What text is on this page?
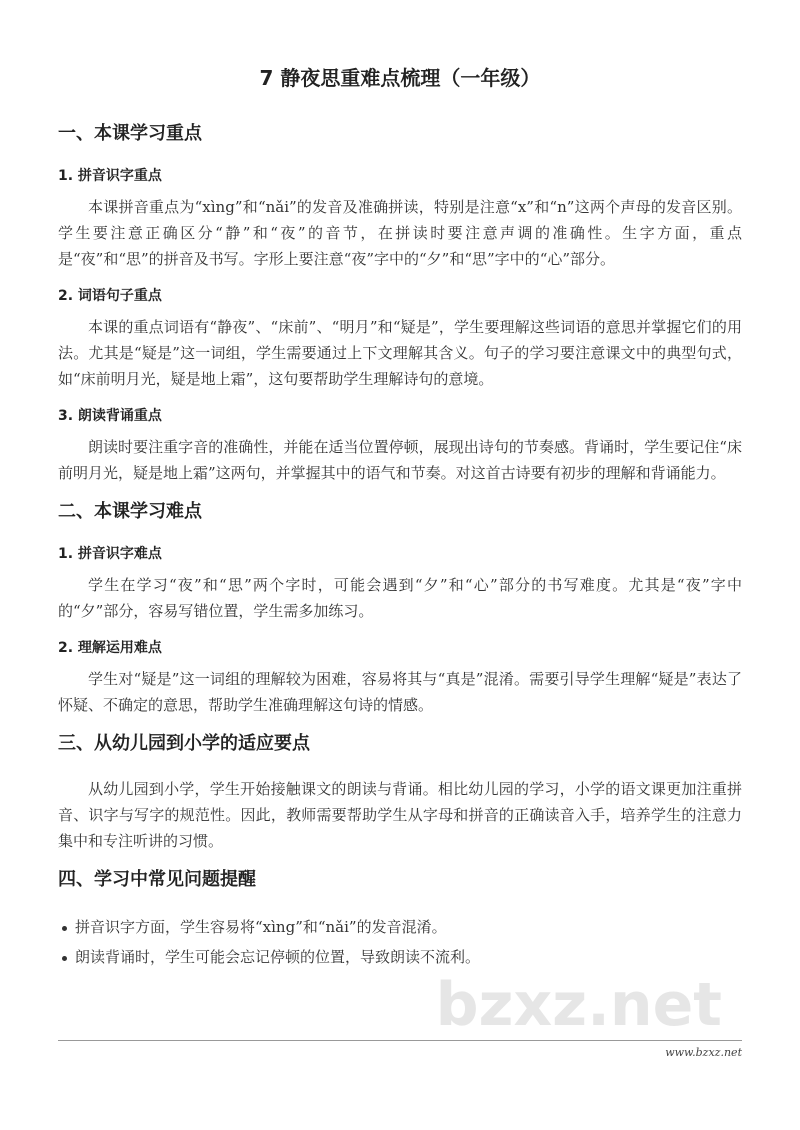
7 静夜思重难点梳理（一年级）
一、本课学习重点
1. 拼音识字重点
本课拼音重点为“xìng”和“nǎi”的发音及准确拼读，特别是注意“x”和“n”这两个声母的发音区别。学生要注意正确区分“静”和“夜”的音节，在拼读时要注意声调的准确性。生字方面，重点是“夜”和“思”的拼音及书写。字形上要注意“夜”字中的“夕”和“思”字中的“心”部分。
2. 词语句子重点
本课的重点词语有“静夜”、“床前”、“明月”和“疑是”，学生要理解这些词语的意思并掌握它们的用法。尤其是“疑是”这一词组，学生需要通过上下文理解其含义。句子的学习要注意课文中的典型句式，如“床前明月光，疑是地上霜”，这句要帮助学生理解诗句的意境。
3. 朗读背诵重点
朗读时要注重字音的准确性，并能在适当位置停顿，展现出诗句的节奏感。背诵时，学生要记住“床前明月光，疑是地上霜”这两句，并掌握其中的语气和节奏。对这首古诗要有初步的理解和背诵能力。
二、本课学习难点
1. 拼音识字难点
学生在学习“夜”和“思”两个字时，可能会遇到“夕”和“心”部分的书写难度。尤其是“夜”字中的“夕”部分，容易写错位置，学生需多加练习。
2. 理解运用难点
学生对“疑是”这一词组的理解较为困难，容易将其与“真是”混淆。需要引导学生理解“疑是”表达了怀疑、不确定的意思，帮助学生准确理解这句诗的情感。
三、从幼儿园到小学的适应要点
从幼儿园到小学，学生开始接触课文的朗读与背诵。相比幼儿园的学习，小学的语文课更加注重拼音、识字与写字的规范性。因此，教师需要帮助学生从字母和拼音的正确读音入手，培养学生的注意力集中和专注听讲的习惯。
四、学习中常见问题提醒
拼音识字方面，学生容易将“xìng”和“nǎi”的发音混淆。
朗读背诵时，学生可能会忘记停顿的位置，导致朗读不流利。
bzxz.net
www.bzxz.net
